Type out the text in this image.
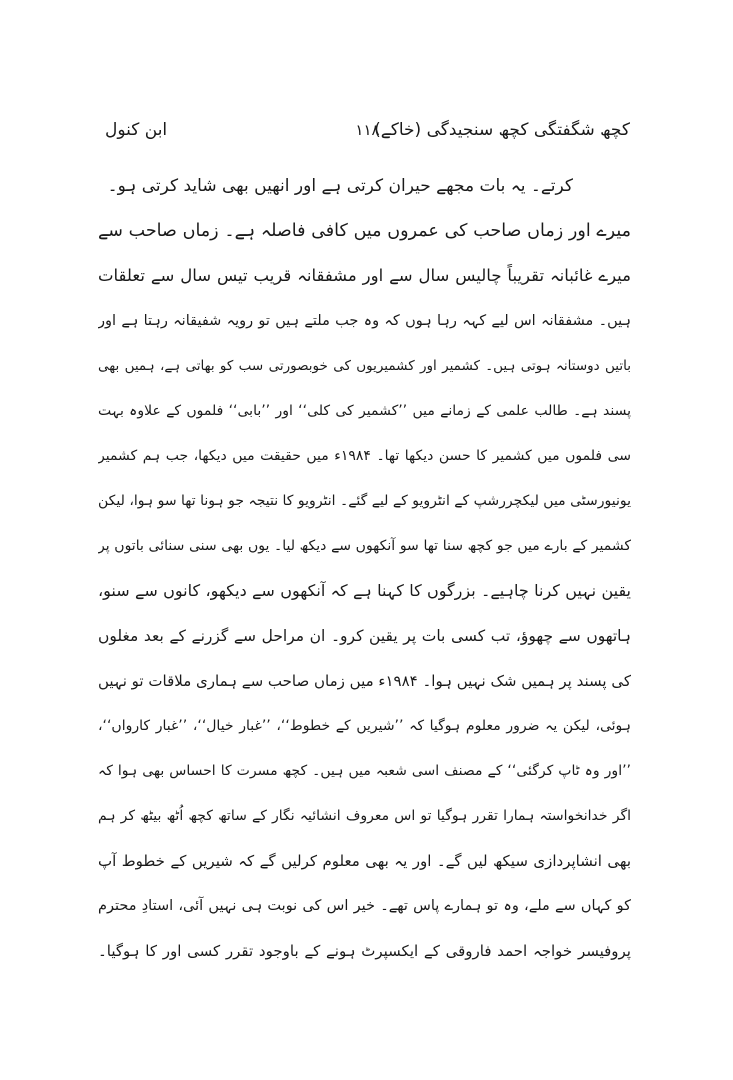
کچھ شگفتگی کچھ سنجیدگی (خاکے)
۱۱۸
ابن کنول
کرتے۔ یہ بات مجھے حیران کرتی ہے اور انھیں بھی شاید کرتی ہو۔
میرے اور زماں صاحب کی عمروں میں کافی فاصلہ ہے۔ زماں صاحب سے
میرے غائبانہ تقریباً چالیس سال سے اور مشفقانہ قریب تیس سال سے تعلقات
ہیں۔ مشفقانہ اس لیے کہہ رہا ہوں کہ وہ جب ملتے ہیں تو رویہ شفیقانہ رہتا ہے اور
باتیں دوستانہ ہوتی ہیں۔ کشمیر اور کشمیریوں کی خوبصورتی سب کو بھاتی ہے، ہمیں بھی
پسند ہے۔ طالب علمی کے زمانے میں ’’کشمیر کی کلی‘‘ اور ’’بابی‘‘ فلموں کے علاوہ بہت
سی فلموں میں کشمیر کا حسن دیکھا تھا۔ ۱۹۸۴ء میں حقیقت میں دیکھا، جب ہم کشمیر
یونیورسٹی میں لیکچررشپ کے انٹرویو کے لیے گئے۔ انٹرویو کا نتیجہ جو ہونا تھا سو ہوا، لیکن
کشمیر کے بارے میں جو کچھ سنا تھا سو آنکھوں سے دیکھ لیا۔ یوں بھی سنی سنائی باتوں پر
یقین نہیں کرنا چاہیے۔ بزرگوں کا کہنا ہے کہ آنکھوں سے دیکھو، کانوں سے سنو،
ہاتھوں سے چھوؤ، تب کسی بات پر یقین کرو۔ ان مراحل سے گزرنے کے بعد مغلوں
کی پسند پر ہمیں شک نہیں ہوا۔ ۱۹۸۴ء میں زماں صاحب سے ہماری ملاقات تو نہیں
ہوئی، لیکن یہ ضرور معلوم ہوگیا کہ ’’شیریں کے خطوط‘‘، ’’غبار خیال‘‘، ’’غبار کارواں‘‘،
’’اور وہ ٹاپ کرگئی‘‘ کے مصنف اسی شعبہ میں ہیں۔ کچھ مسرت کا احساس بھی ہوا کہ
اگر خدانخواستہ ہمارا تقرر ہوگیا تو اس معروف انشائیہ نگار کے ساتھ کچھ اُٹھ بیٹھ کر ہم
بھی انشاپردازی سیکھ لیں گے۔ اور یہ بھی معلوم کرلیں گے کہ شیریں کے خطوط آپ
کو کہاں سے ملے، وہ تو ہمارے پاس تھے۔ خیر اس کی نوبت ہی نہیں آئی، استادِ محترم
پروفیسر خواجہ احمد فاروقی کے ایکسپرٹ ہونے کے باوجود تقرر کسی اور کا ہوگیا۔
